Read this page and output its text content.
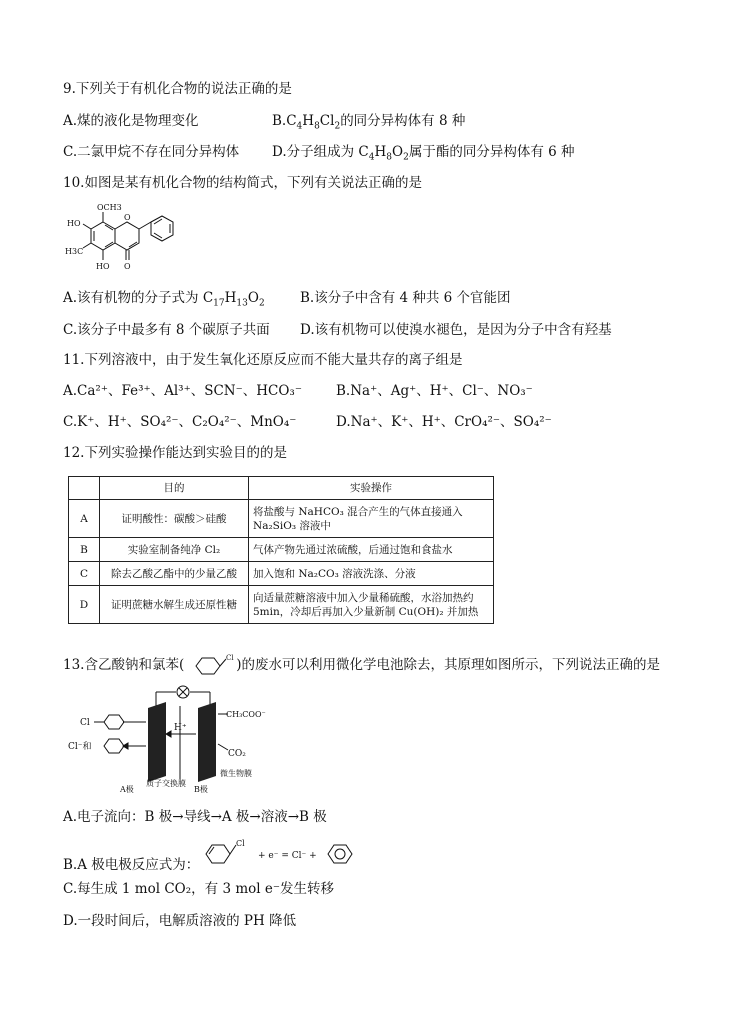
9.下列关于有机化合物的说法正确的是
A.煤的液化是物理变化	$B.C_4H_8Cl_2$的同分异构体有 8 种
C.二氯甲烷不存在同分异构体 D.分子组成为 $C_4H_8O_2$属于酯的同分异构体有 6 种
10.如图是某有机化合物的结构简式，下列有关说法正确的是
OCH3
HO
H3C
HO
O
O
A.该有机物的分子式为 $C_{17}H_{13}O_2$	B.该分子中含有 4 种共 6 个官能团
C.该分子中最多有 8 个碳原子共面 D.该有机物可以使溴水褪色，是因为分子中含有羟基
11.下列溶液中，由于发生氧化还原反应而不能大量共存的离子组是
A.Ca²⁺、Fe³⁺、Al³⁺、SCN⁻、HCO₃⁻	B.Na⁺、Ag⁺、H⁺、Cl⁻、NO₃⁻
C.K⁺、H⁺、SO₄²⁻、C₂O₄²⁻、MnO₄⁻	D.Na⁺、K⁺、H⁺、CrO₄²⁻、SO₄²⁻
12.下列实验操作能达到实验目的的是
	目的	实验操作
A	证明酸性：碳酸＞硅酸	将盐酸与 NaHCO₃ 混合产生的气体直接通入 Na₂SiO₃ 溶液中
B	实验室制备纯净 Cl₂	气体产物先通过浓硫酸，后通过饱和食盐水
C	除去乙酸乙酯中的少量乙酸	加入饱和 Na₂CO₃ 溶液洗涤、分液
D	证明蔗糖水解生成还原性糖	向适量蔗糖溶液中加入少量稀硫酸，水浴加热约 5min，冷却后再加入少量新制 Cu(OH)₂ 并加热
13.含乙酸钠和氯苯(	Cl )的废水可以利用微化学电池除去，其原理如图所示，下列说法正确的是
Cl
Cl⁻和
H⁺
CH₃COO⁻
CO₂
A极
质子交换膜
B极
微生物膜
A.电子流向：B 极→导线→A 极→溶液→B 极
B.A 极电极反应式为：
Cl
+ e⁻ = Cl⁻ +
C.每生成 1 mol CO₂，有 3 mol e⁻发生转移
D.一段时间后，电解质溶液的 PH 降低
